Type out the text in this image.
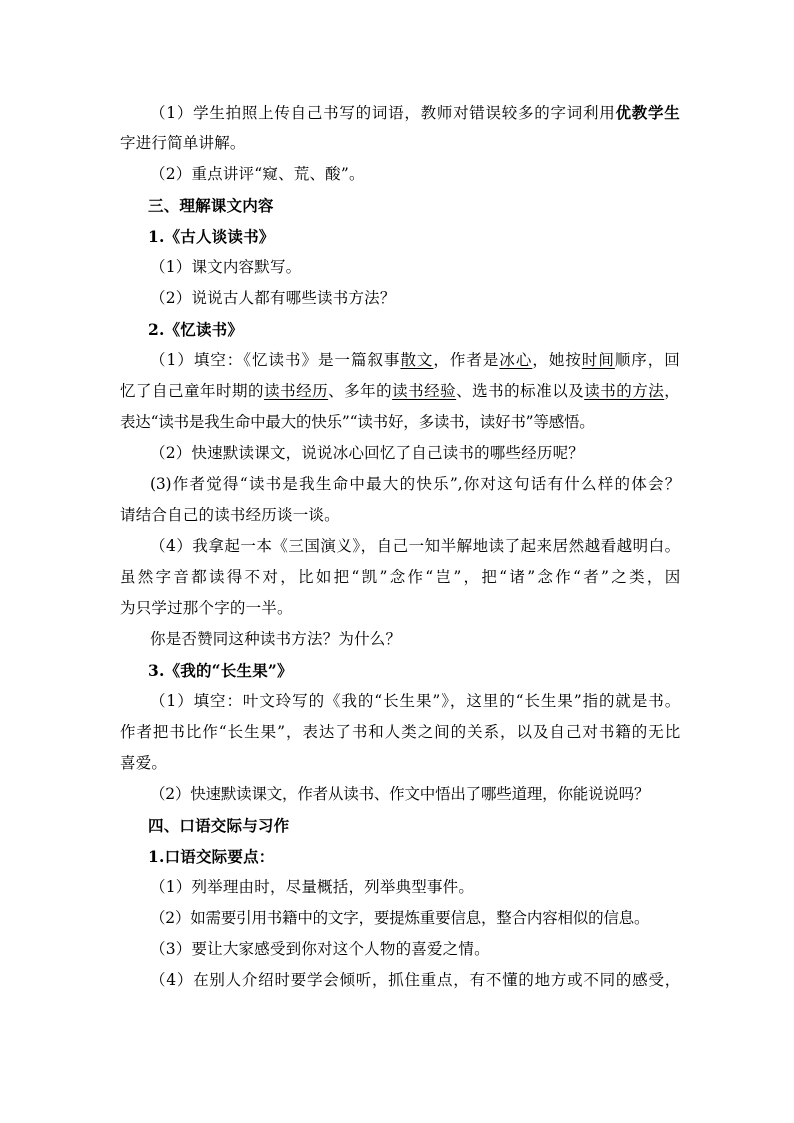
（1）学生拍照上传自己书写的词语，教师对错误较多的字词利用优教学生
字进行简单讲解。
（2）重点讲评“窥、荒、酸”。
三、理解课文内容
1.《古人谈读书》
（1）课文内容默写。
（2）说说古人都有哪些读书方法？
2.《忆读书》
（1）填空：《忆读书》是一篇叙事散文，作者是冰心，她按时间顺序，回
忆了自己童年时期的读书经历、多年的读书经验、选书的标准以及读书的方法，
表达“读书是我生命中最大的快乐”“读书好，多读书，读好书”等感悟。
（2）快速默读课文，说说冰心回忆了自己读书的哪些经历呢？
(3)作者觉得“读书是我生命中最大的快乐”,你对这句话有什么样的体会？
请结合自己的读书经历谈一谈。
（4）我拿起一本《三国演义》，自己一知半解地读了起来居然越看越明白。
虽然字音都读得不对，比如把“凯”念作“岂”，把“诸”念作“者”之类，因
为只学过那个字的一半。
你是否赞同这种读书方法？为什么？
3.《我的“长生果”》
（1）填空：叶文玲写的《我的“长生果”》，这里的“长生果”指的就是书。
作者把书比作“长生果”，表达了书和人类之间的关系，以及自己对书籍的无比
喜爱。
（2）快速默读课文，作者从读书、作文中悟出了哪些道理，你能说说吗？
四、口语交际与习作
1.口语交际要点：
（1）列举理由时，尽量概括，列举典型事件。
（2）如需要引用书籍中的文字，要提炼重要信息，整合内容相似的信息。
（3）要让大家感受到你对这个人物的喜爱之情。
（4）在别人介绍时要学会倾听，抓住重点，有不懂的地方或不同的感受，
